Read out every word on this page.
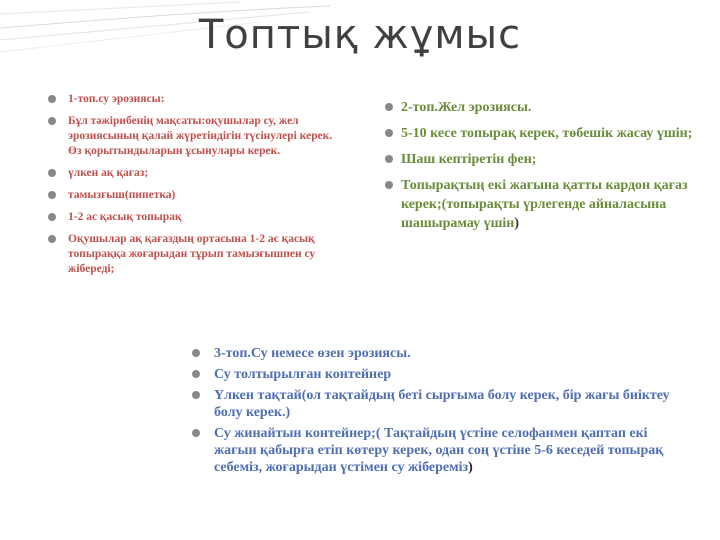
Топтық жұмыс
1-топ.су эрозиясы:
Бұл тәжірибенің мақсаты:оқушылар су, жел эрозиясының қалай жүретіндігін түсінулері керек. Өз қорытындыларын ұсынулары керек.
үлкен ақ қағаз;
тамызғыш(пипетка)
1-2 ас қасық топырақ
Оқушылар ақ қағаздың ортасына 1-2 ас қасық топыраққа жоғарыдан тұрып тамызғышпен су жібереді;
2-топ.Жел эрозиясы.
5-10 кесе топырақ керек, төбешік жасау үшін;
Шаш кептіретін фен;
Топырақтың екі жағына қатты кардон қағаз керек;(топырақты үрлегенде айналасына шашырамау үшін)
3-топ.Су немесе өзен эрозиясы.
Су толтырылған контейнер
Үлкен тақтай(ол тақтайдың беті сырғыма болу керек, бір жағы биіктеу болу керек.)
Су жинайтын контейнер;( Тақтайдың үстіне селофанмен қаптап екі жағын қабырға етіп көтеру керек, одан соң үстіне 5-6 кеседей топырақ себеміз, жоғарыдан үстімен су жібереміз)
